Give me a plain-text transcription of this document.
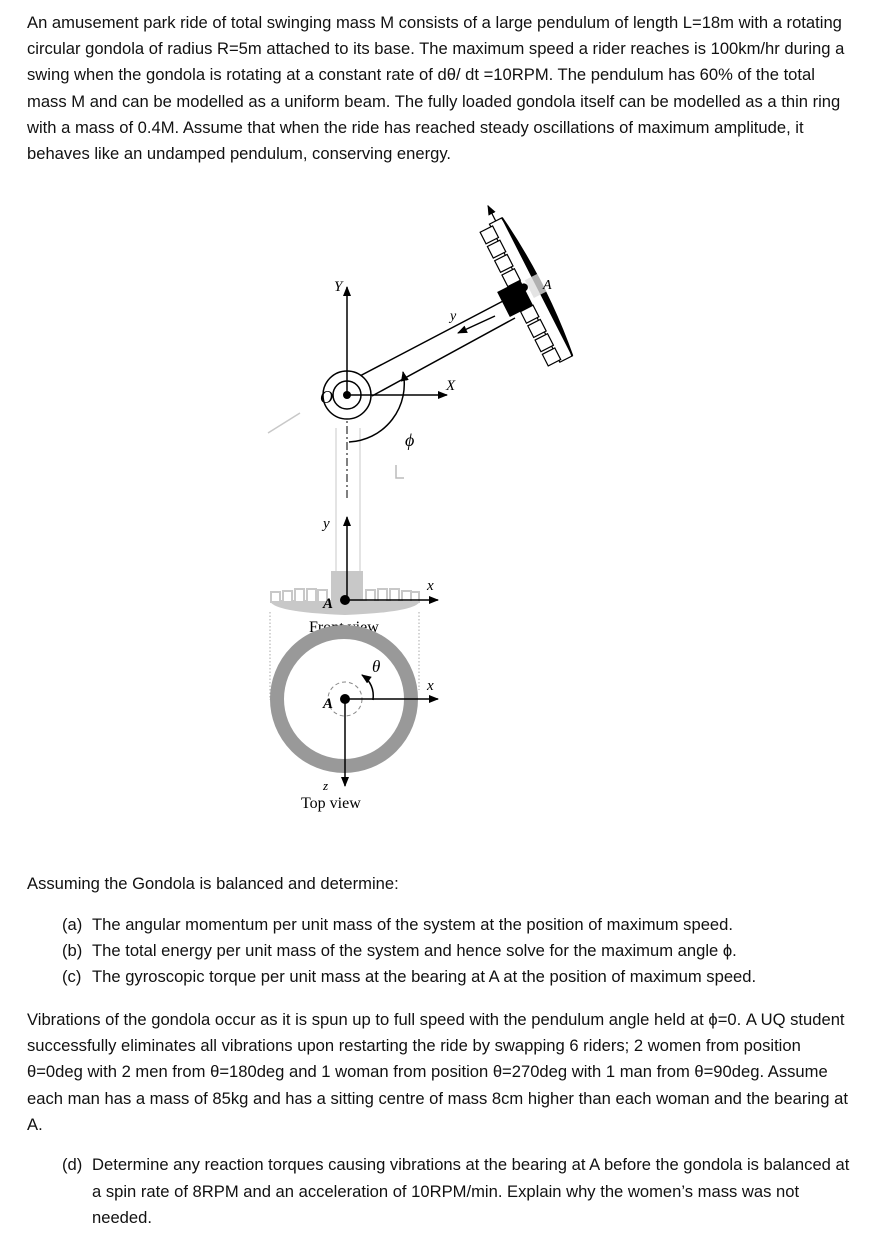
An amusement park ride of total swinging mass M consists of a large pendulum of length L=18m with a rotating circular gondola of radius R=5m attached to its base. The maximum speed a rider reaches is 100km/hr during a swing when the gondola is rotating at a constant rate of dθ/ dt =10RPM. The pendulum has 60% of the total mass M and can be modelled as a uniform beam. The fully loaded gondola itself can be modelled as a thin ring with a mass of 0.4M. Assume that when the ride has reached steady oscillations of maximum amplitude, it behaves like an undamped pendulum, conserving energy.

Y
O
X
y
A
ϕ
y
x
A
Front view
θ
x
A
z
Top view

Assuming the Gondola is balanced and determine:

(a) The angular momentum per unit mass of the system at the position of maximum speed.
(b) The total energy per unit mass of the system and hence solve for the maximum angle ϕ.
(c) The gyroscopic torque per unit mass at the bearing at A at the position of maximum speed.

Vibrations of the gondola occur as it is spun up to full speed with the pendulum angle held at ϕ=0. A UQ student successfully eliminates all vibrations upon restarting the ride by swapping 6 riders; 2 women from position θ=0deg with 2 men from θ=180deg and 1 woman from position θ=270deg with 1 man from θ=90deg. Assume each man has a mass of 85kg and has a sitting centre of mass 8cm higher than each woman and the bearing at A.

(d) Determine any reaction torques causing vibrations at the bearing at A before the gondola is balanced at a spin rate of 8RPM and an acceleration of 10RPM/min. Explain why the women’s mass was not needed.
